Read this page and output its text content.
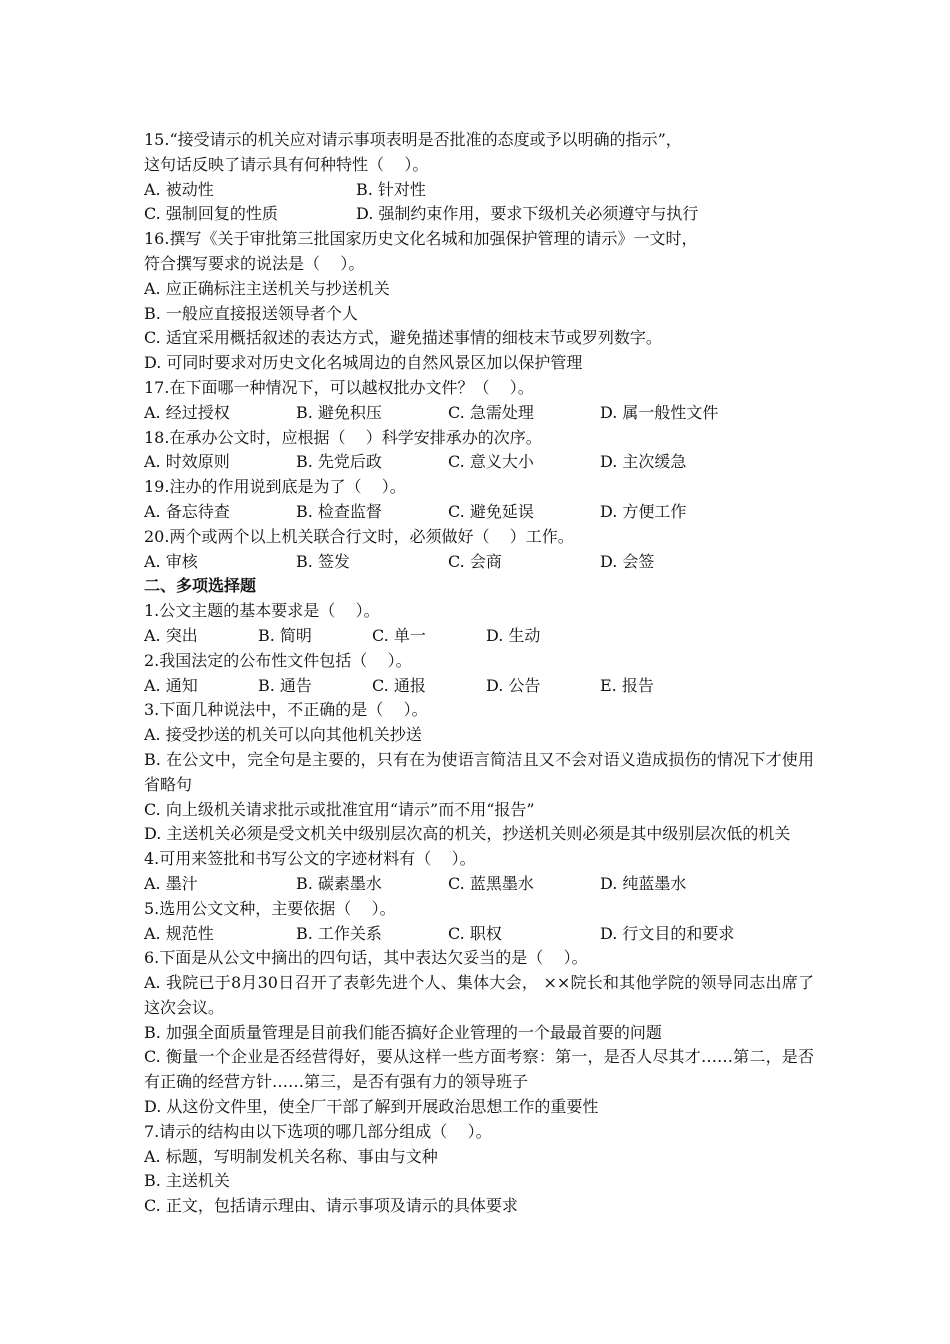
15.“接受请示的机关应对请示事项表明是否批准的态度或予以明确的指示”，
这句话反映了请示具有何种特性（    ）。
A. 被动性	B. 针对性
C. 强制回复的性质	D. 强制约束作用，要求下级机关必须遵守与执行
16.撰写《关于审批第三批国家历史文化名城和加强保护管理的请示》一文时，
符合撰写要求的说法是（    ）。
A. 应正确标注主送机关与抄送机关
B. 一般应直接报送领导者个人
C. 适宜采用概括叙述的表达方式，避免描述事情的细枝末节或罗列数字。
D. 可同时要求对历史文化名城周边的自然风景区加以保护管理
17.在下面哪一种情况下，可以越权批办文件？（    ）。
A. 经过授权	B. 避免积压	C. 急需处理	D. 属一般性文件
18.在承办公文时，应根据（    ）科学安排承办的次序。
A. 时效原则	B. 先党后政	C. 意义大小	D. 主次缓急
19.注办的作用说到底是为了（    ）。
A. 备忘待查	B. 检查监督	C. 避免延误	D. 方便工作
20.两个或两个以上机关联合行文时，必须做好（    ）工作。
A. 审核	B. 签发	C. 会商	D. 会签
二、多项选择题
1.公文主题的基本要求是（    ）。
A. 突出	B. 简明	C. 单一	D. 生动
2.我国法定的公布性文件包括（    ）。
A. 通知	B. 通告	C. 通报	D. 公告	E. 报告
3.下面几种说法中，不正确的是（    ）。
A. 接受抄送的机关可以向其他机关抄送
B. 在公文中，完全句是主要的，只有在为使语言简洁且又不会对语义造成损伤的情况下才使用省略句
C. 向上级机关请求批示或批准宜用“请示”而不用“报告”
D. 主送机关必须是受文机关中级别层次高的机关，抄送机关则必须是其中级别层次低的机关
4.可用来签批和书写公文的字迹材料有（    ）。
A. 墨汁	B. 碳素墨水	C. 蓝黑墨水	D. 纯蓝墨水
5.选用公文文种，主要依据（    ）。
A. 规范性	B. 工作关系	C. 职权	D. 行文目的和要求
6.下面是从公文中摘出的四句话，其中表达欠妥当的是（    ）。
A. 我院已于8月30日召开了表彰先进个人、集体大会， ××院长和其他学院的领导同志出席了这次会议。
B. 加强全面质量管理是目前我们能否搞好企业管理的一个最最首要的问题
C. 衡量一个企业是否经营得好，要从这样一些方面考察：第一，是否人尽其才……第二，是否有正确的经营方针……第三，是否有强有力的领导班子
D. 从这份文件里，使全厂干部了解到开展政治思想工作的重要性
7.请示的结构由以下选项的哪几部分组成（    ）。
A. 标题，写明制发机关名称、事由与文种
B. 主送机关
C. 正文，包括请示理由、请示事项及请示的具体要求
